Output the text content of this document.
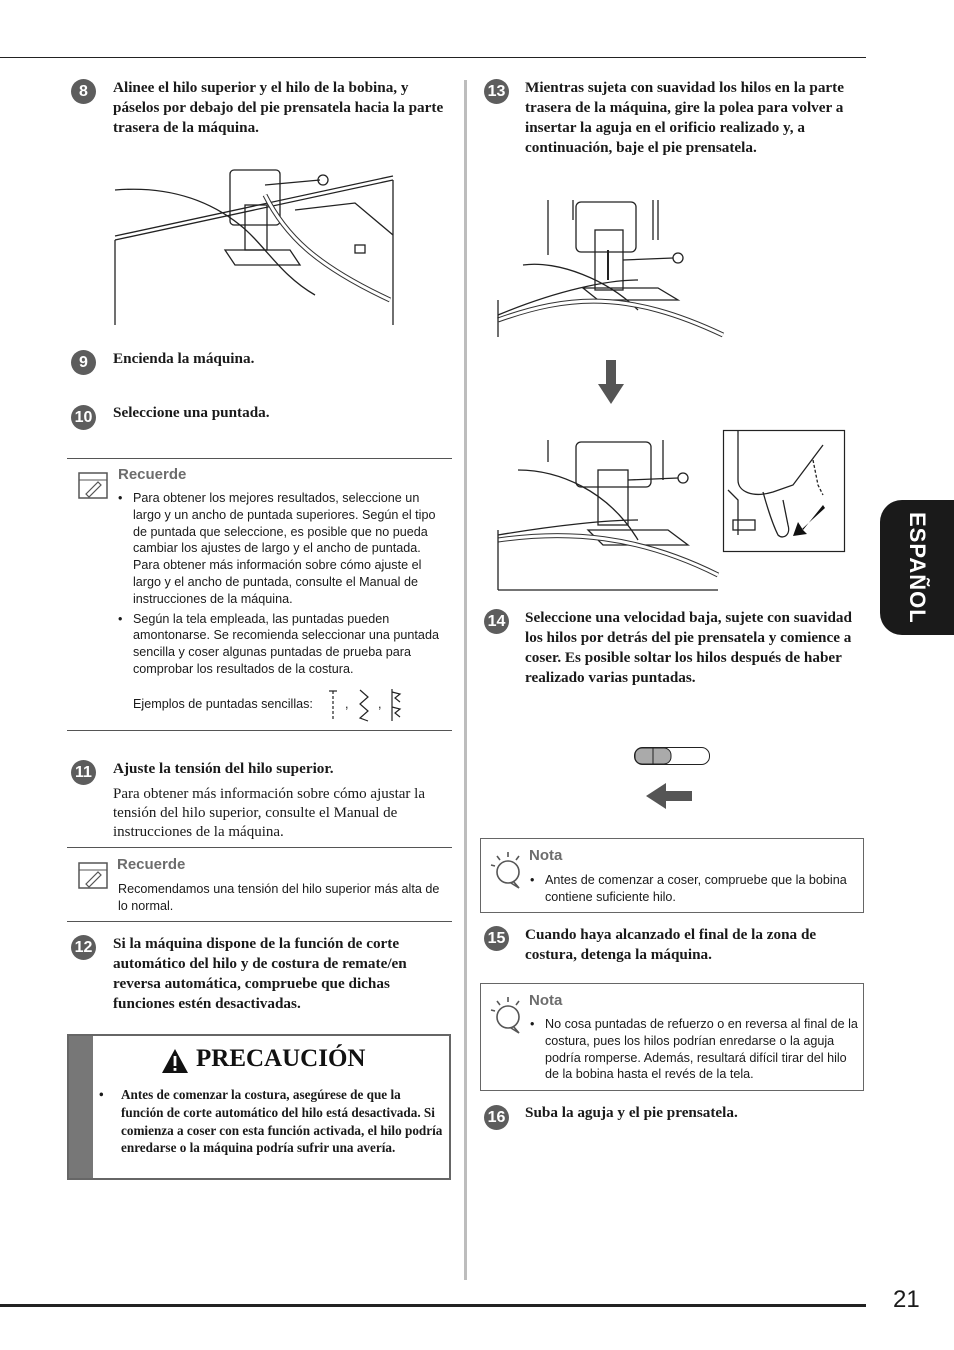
ESPAÑOL
8	Alinee el hilo superior y el hilo de la bobina, y páselos por debajo del pie prensatela hacia la parte trasera de la máquina.
9	Encienda la máquina.
10 Seleccione una puntada.
Recuerde
• Para obtener los mejores resultados, seleccione un largo y un ancho de puntada superiores. Según el tipo de puntada que seleccione, es posible que no pueda cambiar los ajustes de largo y el ancho de puntada. Para obtener más información sobre cómo ajuste el largo y el ancho de puntada, consulte el Manual de instrucciones de la máquina.
• Según la tela empleada, las puntadas pueden amontonarse. Se recomienda seleccionar una puntada sencilla y coser algunas puntadas de prueba para comprobar los resultados de la costura.
Ejemplos de puntadas sencillas:	, ,
11 Ajuste la tensión del hilo superior.
Para obtener más información sobre cómo ajustar la tensión del hilo superior, consulte el Manual de instrucciones de la máquina.
Recuerde
Recomendamos una tensión del hilo superior más alta de lo normal.
12 Si la máquina dispone de la función de corte automático del hilo y de costura de remate/en reversa automática, compruebe que dichas funciones estén desactivadas.
PRECAUCIÓN
• Antes de comenzar la costura, asegúrese de que la función de corte automático del hilo está desactivada. Si comienza a coser con esta función activada, el hilo podría enredarse o la máquina podría sufrir una avería.
13 Mientras sujeta con suavidad los hilos en la parte trasera de la máquina, gire la polea para volver a insertar la aguja en el orificio realizado y, a continuación, baje el pie prensatela.
14 Seleccione una velocidad baja, sujete con suavidad los hilos por detrás del pie prensatela y comience a coser. Es posible soltar los hilos después de haber realizado varias puntadas.
Nota
• Antes de comenzar a coser, compruebe que la bobina contiene suficiente hilo.
15 Cuando haya alcanzado el final de la zona de costura, detenga la máquina.
Nota
• No cosa puntadas de refuerzo o en reversa al final de la costura, pues los hilos podrían enredarse o la aguja podría romperse. Además, resultará difícil tirar del hilo de la bobina hasta el revés de la tela.
16 Suba la aguja y el pie prensatela.
21
